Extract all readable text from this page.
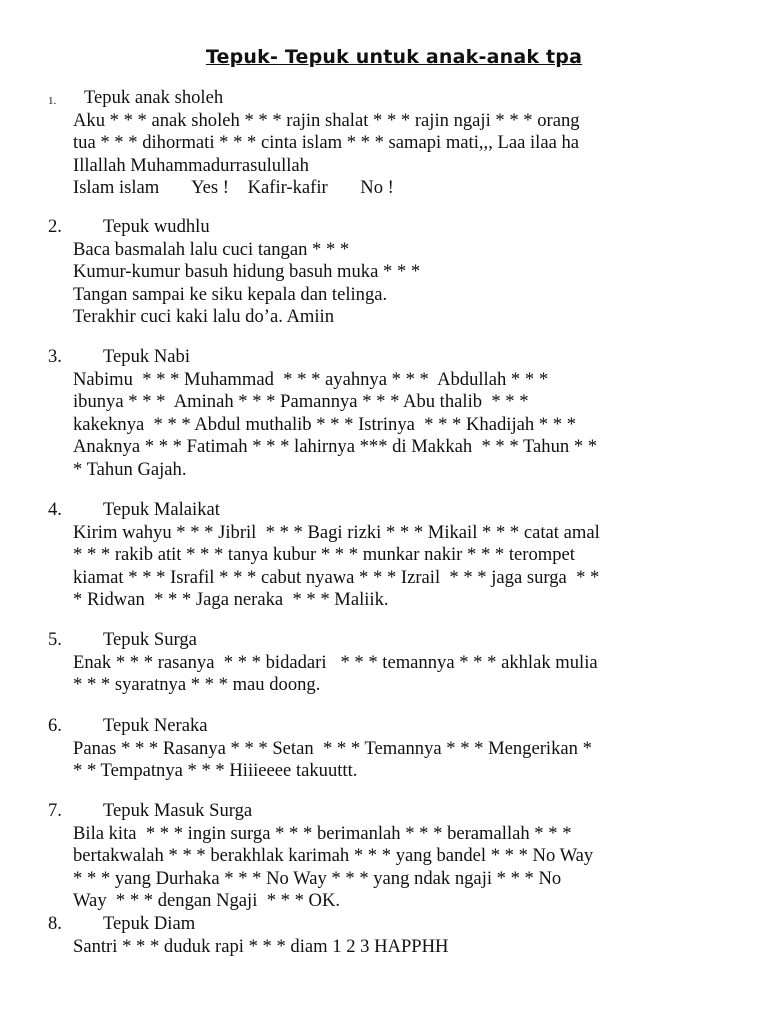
Tepuk- Tepuk untuk anak-anak tpa
1. Tepuk anak sholeh
Aku * * * anak sholeh * * * rajin shalat * * * rajin ngaji * * * orang
tua * * * dihormati * * * cinta islam * * * samapi mati,,, Laa ilaa ha
Illallah Muhammadurrasulullah
Islam islam       Yes !    Kafir-kafir       No !
2. Tepuk wudhlu
Baca basmalah lalu cuci tangan * * *
Kumur-kumur basuh hidung basuh muka * * *
Tangan sampai ke siku kepala dan telinga.
Terakhir cuci kaki lalu do’a. Amiin
3. Tepuk Nabi
Nabimu  * * * Muhammad  * * * ayahnya * * *  Abdullah * * *
ibunya * * *  Aminah * * * Pamannya * * * Abu thalib  * * *
kakeknya  * * * Abdul muthalib * * * Istrinya  * * * Khadijah * * *
Anaknya * * * Fatimah * * * lahirnya *** di Makkah  * * * Tahun * *
* Tahun Gajah.
4. Tepuk Malaikat
Kirim wahyu * * * Jibril  * * * Bagi rizki * * * Mikail * * * catat amal
* * * rakib atit * * * tanya kubur * * * munkar nakir * * * terompet
kiamat * * * Israfil * * * cabut nyawa * * * Izrail  * * * jaga surga  * *
* Ridwan  * * * Jaga neraka  * * * Maliik.
5. Tepuk Surga
Enak * * * rasanya  * * * bidadari   * * * temannya * * * akhlak mulia
* * * syaratnya * * * mau doong.
6. Tepuk Neraka
Panas * * * Rasanya * * * Setan  * * * Temannya * * * Mengerikan *
* * Tempatnya * * * Hiiieeee takuuttt.
7. Tepuk Masuk Surga
Bila kita  * * * ingin surga * * * berimanlah * * * beramallah * * *
bertakwalah * * * berakhlak karimah * * * yang bandel * * * No Way
* * * yang Durhaka * * * No Way * * * yang ndak ngaji * * * No
Way  * * * dengan Ngaji  * * * OK.
8. Tepuk Diam
Santri * * * duduk rapi * * * diam 1 2 3 HAPPHH
